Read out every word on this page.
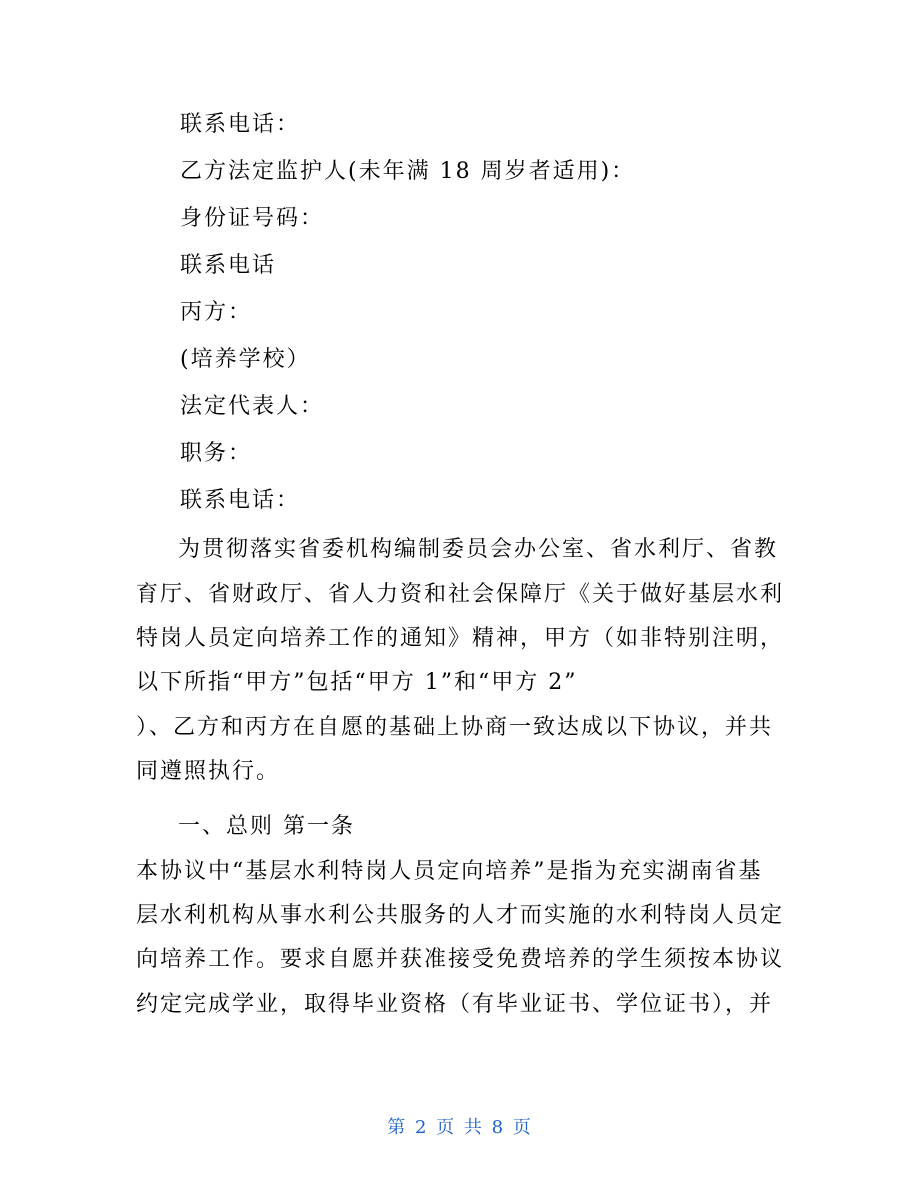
联系电话：
乙方法定监护人(未年满 18 周岁者适用)：
身份证号码：
联系电话
丙方：
(培养学校）
法定代表人：
职务：
联系电话：
为贯彻落实省委机构编制委员会办公室、省水利厅、省教
育厅、省财政厅、省人力资和社会保障厅《关于做好基层水利
特岗人员定向培养工作的通知》精神，甲方（如非特别注明，
以下所指“甲方”包括“甲方 1”和“甲方 2”
）、乙方和丙方在自愿的基础上协商一致达成以下协议，并共
同遵照执行。
一、总则 第一条
本协议中“基层水利特岗人员定向培养”是指为充实湖南省基
层水利机构从事水利公共服务的人才而实施的水利特岗人员定
向培养工作。要求自愿并获准接受免费培养的学生须按本协议
约定完成学业，取得毕业资格（有毕业证书、学位证书），并
第 2 页 共 8 页
